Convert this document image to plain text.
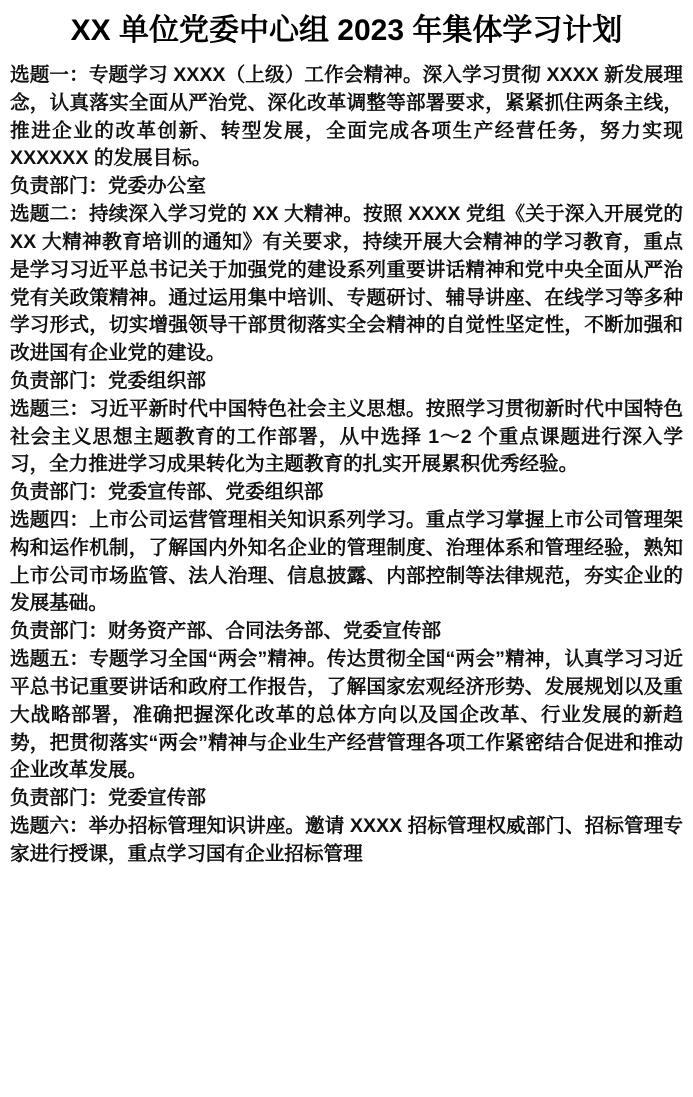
XX 单位党委中心组 2023 年集体学习计划

选题一：专题学习 XXXX（上级）工作会精神。深入学习贯彻 XXXX 新发展理念，认真落实全面从严治党、深化改革调整等部署要求，紧紧抓住两条主线，推进企业的改革创新、转型发展，全面完成各项生产经营任务，努力实现 XXXXXX 的发展目标。

负责部门：党委办公室

选题二：持续深入学习党的 XX 大精神。按照 XXXX 党组《关于深入开展党的 XX 大精神教育培训的通知》有关要求，持续开展大会精神的学习教育，重点是学习习近平总书记关于加强党的建设系列重要讲话精神和党中央全面从严治党有关政策精神。通过运用集中培训、专题研讨、辅导讲座、在线学习等多种学习形式，切实增强领导干部贯彻落实全会精神的自觉性坚定性，不断加强和改进国有企业党的建设。

负责部门：党委组织部

选题三：习近平新时代中国特色社会主义思想。按照学习贯彻新时代中国特色社会主义思想主题教育的工作部署，从中选择 1～2 个重点课题进行深入学习，全力推进学习成果转化为主题教育的扎实开展累积优秀经验。

负责部门：党委宣传部、党委组织部

选题四：上市公司运营管理相关知识系列学习。重点学习掌握上市公司管理架构和运作机制，了解国内外知名企业的管理制度、治理体系和管理经验，熟知上市公司市场监管、法人治理、信息披露、内部控制等法律规范，夯实企业的发展基础。

负责部门：财务资产部、合同法务部、党委宣传部

选题五：专题学习全国“两会”精神。传达贯彻全国“两会”精神，认真学习习近平总书记重要讲话和政府工作报告，了解国家宏观经济形势、发展规划以及重大战略部署，准确把握深化改革的总体方向以及国企改革、行业发展的新趋势，把贯彻落实“两会”精神与企业生产经营管理各项工作紧密结合促进和推动企业改革发展。

负责部门：党委宣传部

选题六：举办招标管理知识讲座。邀请 XXXX 招标管理权威部门、招标管理专家进行授课，重点学习国有企业招标管理
